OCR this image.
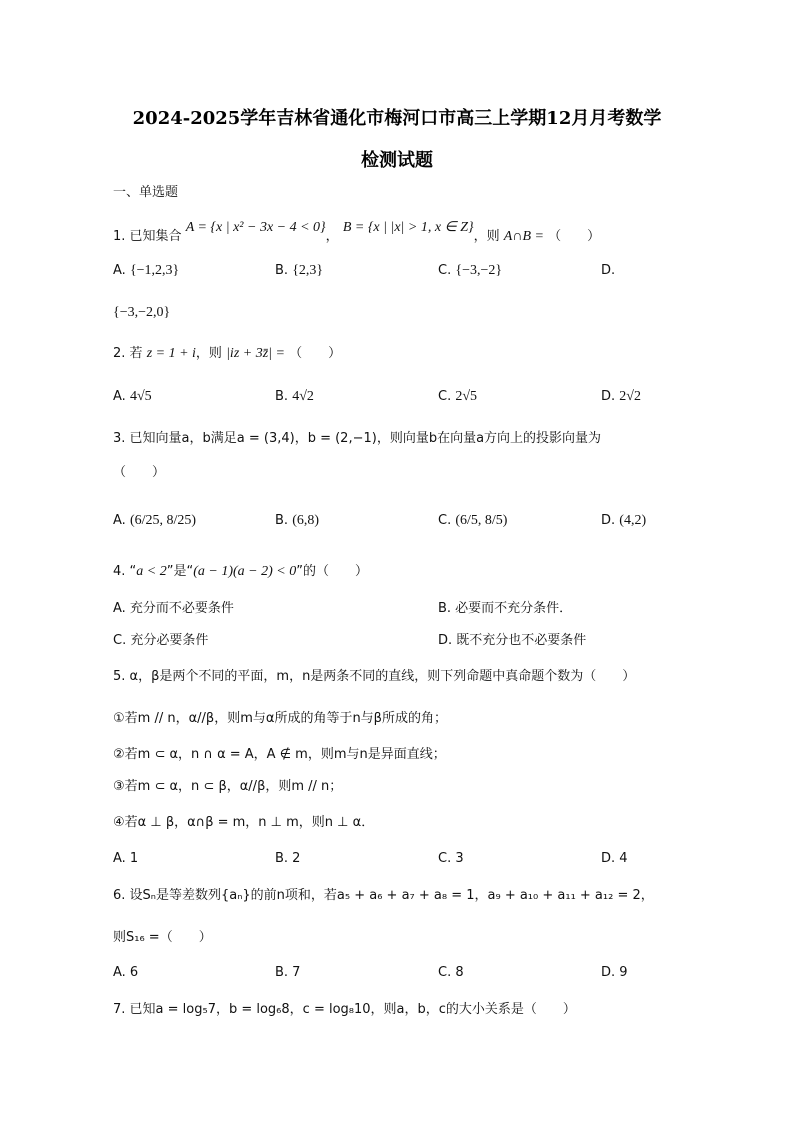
2024-2025学年吉林省通化市梅河口市高三上学期12月月考数学
检测试题
一、单选题
1. 已知集合 A = {x | x² − 3x − 4 < 0}， B = {x | |x| > 1, x ∈ Z}，则 A∩B = （　　）
A. {−1,2,3}	B. {2,3}	C. {−3,−2}	D.
{−3,−2,0}
2. 若 z = 1 + i，则 |iz + 3z̄| = （　　）
A. 4√5	B. 4√2	C. 2√5	D. 2√2
3. 已知向量a，b满足a = (3,4)，b = (2,−1)，则向量b在向量a方向上的投影向量为
（　　）
A. (6/25, 8/25)	B. (6,8)	C. (6/5, 8/5)	D. (4,2)
4. “a < 2”是“(a − 1)(a − 2) < 0”的（　　）
A. 充分而不必要条件	B. 必要而不充分条件．
C. 充分必要条件	D. 既不充分也不必要条件
5. α，β是两个不同的平面，m，n是两条不同的直线，则下列命题中真命题个数为（　　）
①若m // n，α//β，则m与α所成的角等于n与β所成的角；
②若m ⊂ α，n ∩ α = A，A ∉ m，则m与n是异面直线；
③若m ⊂ α，n ⊂ β，α//β，则m // n；
④若α ⊥ β，α∩β = m，n ⊥ m，则n ⊥ α．
A. 1	B. 2	C. 3	D. 4
6. 设Sₙ是等差数列{aₙ}的前n项和，若a₅ + a₆ + a₇ + a₈ = 1，a₉ + a₁₀ + a₁₁ + a₁₂ = 2，
则S₁₆ =（　　）
A. 6	B. 7	C. 8	D. 9
7. 已知a = log₅7，b = log₆8，c = log₈10，则a，b，c的大小关系是（　　）
